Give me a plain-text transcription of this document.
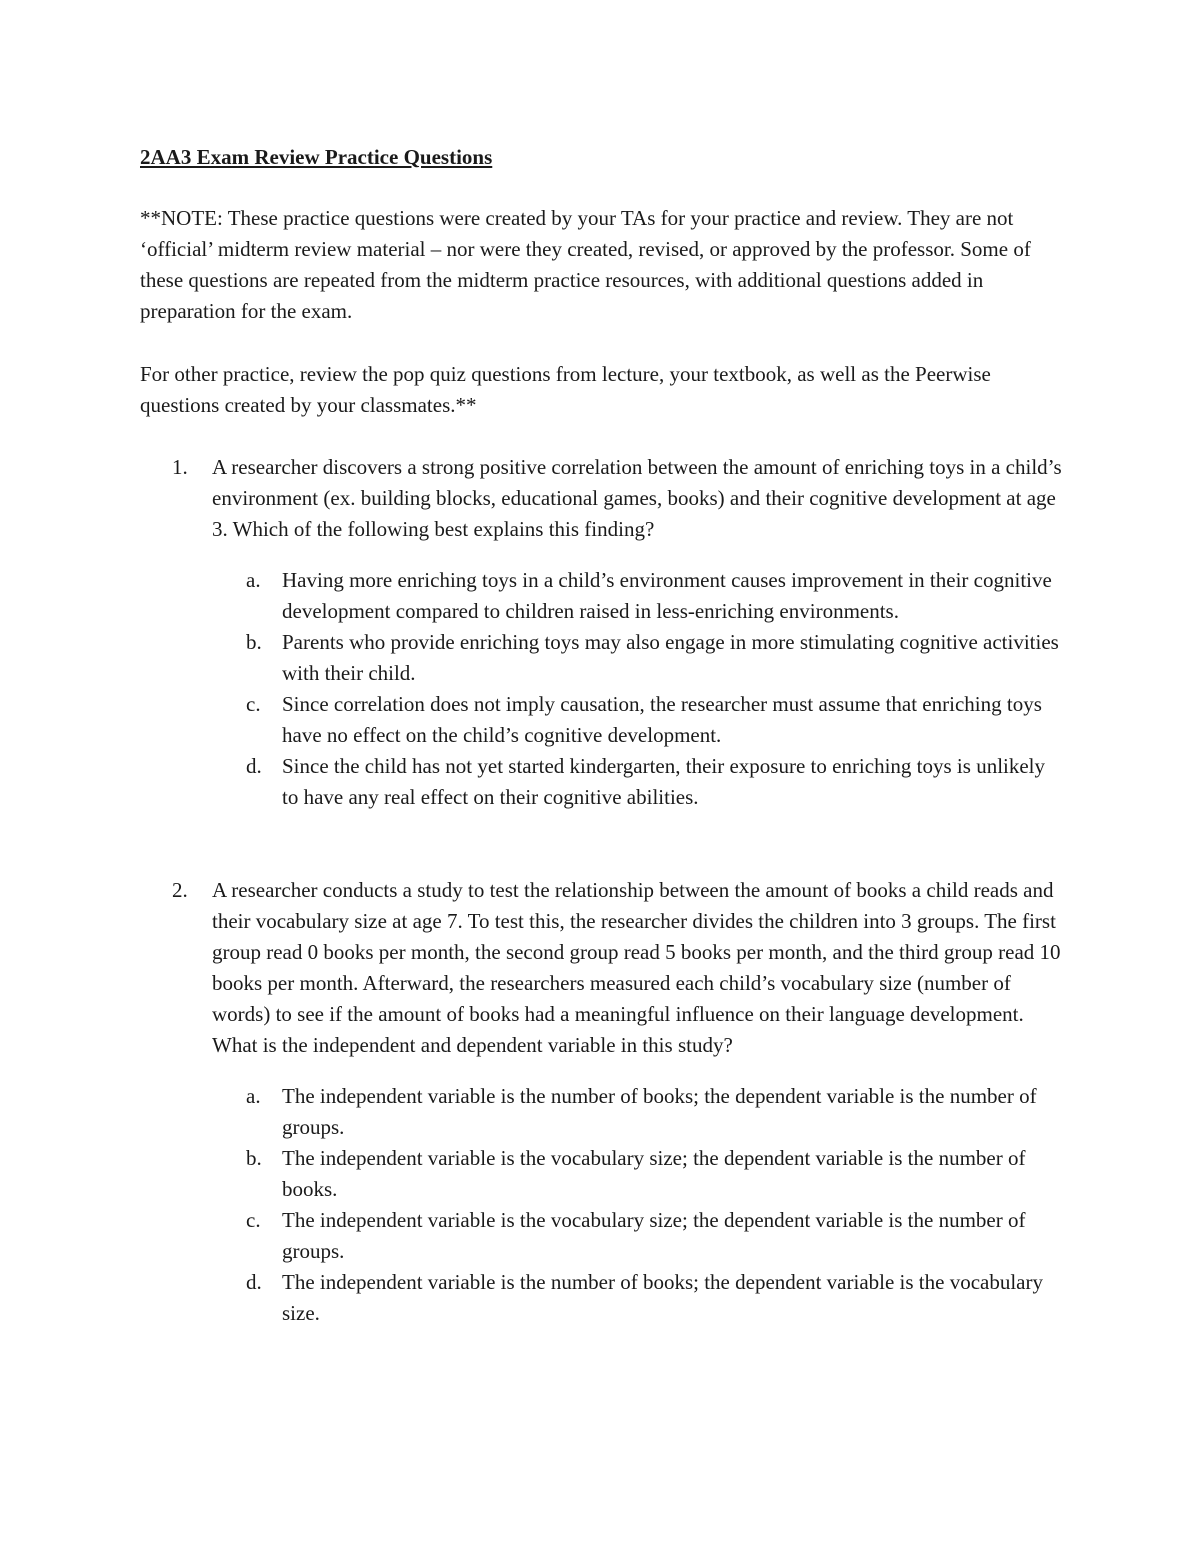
2AA3 Exam Review Practice Questions

**NOTE: These practice questions were created by your TAs for your practice and review. They are not ‘official’ midterm review material – nor were they created, revised, or approved by the professor. Some of these questions are repeated from the midterm practice resources, with additional questions added in preparation for the exam.

For other practice, review the pop quiz questions from lecture, your textbook, as well as the Peerwise questions created by your classmates.**

1. A researcher discovers a strong positive correlation between the amount of enriching toys in a child’s environment (ex. building blocks, educational games, books) and their cognitive development at age 3. Which of the following best explains this finding?

a. Having more enriching toys in a child’s environment causes improvement in their cognitive development compared to children raised in less-enriching environments.
b. Parents who provide enriching toys may also engage in more stimulating cognitive activities with their child.
c. Since correlation does not imply causation, the researcher must assume that enriching toys have no effect on the child’s cognitive development.
d. Since the child has not yet started kindergarten, their exposure to enriching toys is unlikely to have any real effect on their cognitive abilities.
2. A researcher conducts a study to test the relationship between the amount of books a child reads and their vocabulary size at age 7. To test this, the researcher divides the children into 3 groups. The first group read 0 books per month, the second group read 5 books per month, and the third group read 10 books per month. Afterward, the researchers measured each child’s vocabulary size (number of words) to see if the amount of books had a meaningful influence on their language development. What is the independent and dependent variable in this study?

a. The independent variable is the number of books; the dependent variable is the number of groups.
b. The independent variable is the vocabulary size; the dependent variable is the number of books.
c. The independent variable is the vocabulary size; the dependent variable is the number of groups.
d. The independent variable is the number of books; the dependent variable is the vocabulary size.
